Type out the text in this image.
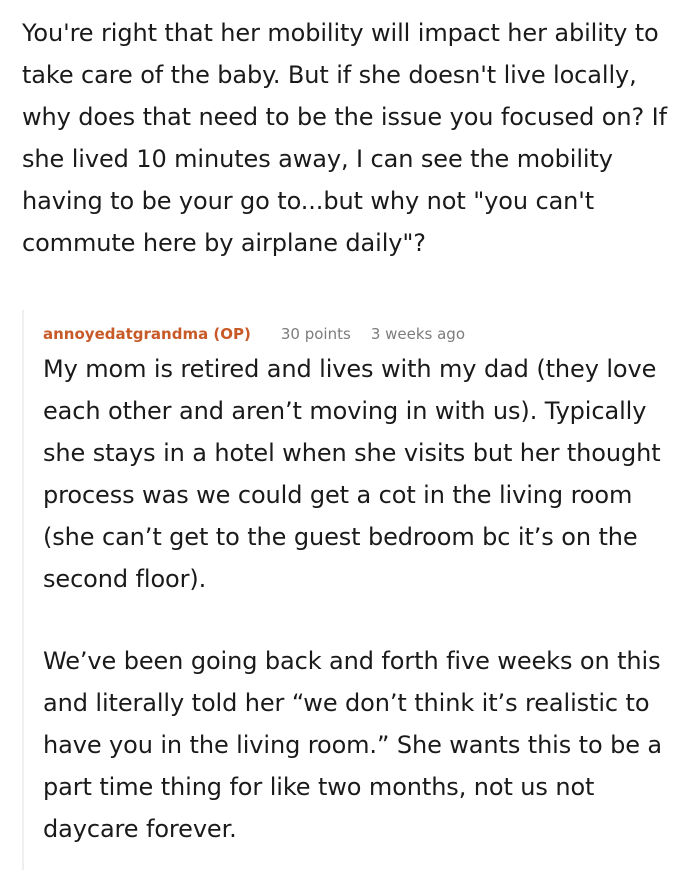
You're right that her mobility will impact her ability to take care of the baby. But if she doesn't live locally, why does that need to be the issue you focused on? If she lived 10 minutes away, I can see the mobility having to be your go to...but why not "you can't commute here by airplane daily"?

annoyedatgrandma (OP) 30 points 3 weeks ago

My mom is retired and lives with my dad (they love each other and aren’t moving in with us). Typically she stays in a hotel when she visits but her thought process was we could get a cot in the living room (she can’t get to the guest bedroom bc it’s on the second floor).

We’ve been going back and forth five weeks on this and literally told her “we don’t think it’s realistic to have you in the living room.” She wants this to be a part time thing for like two months, not us not daycare forever.
